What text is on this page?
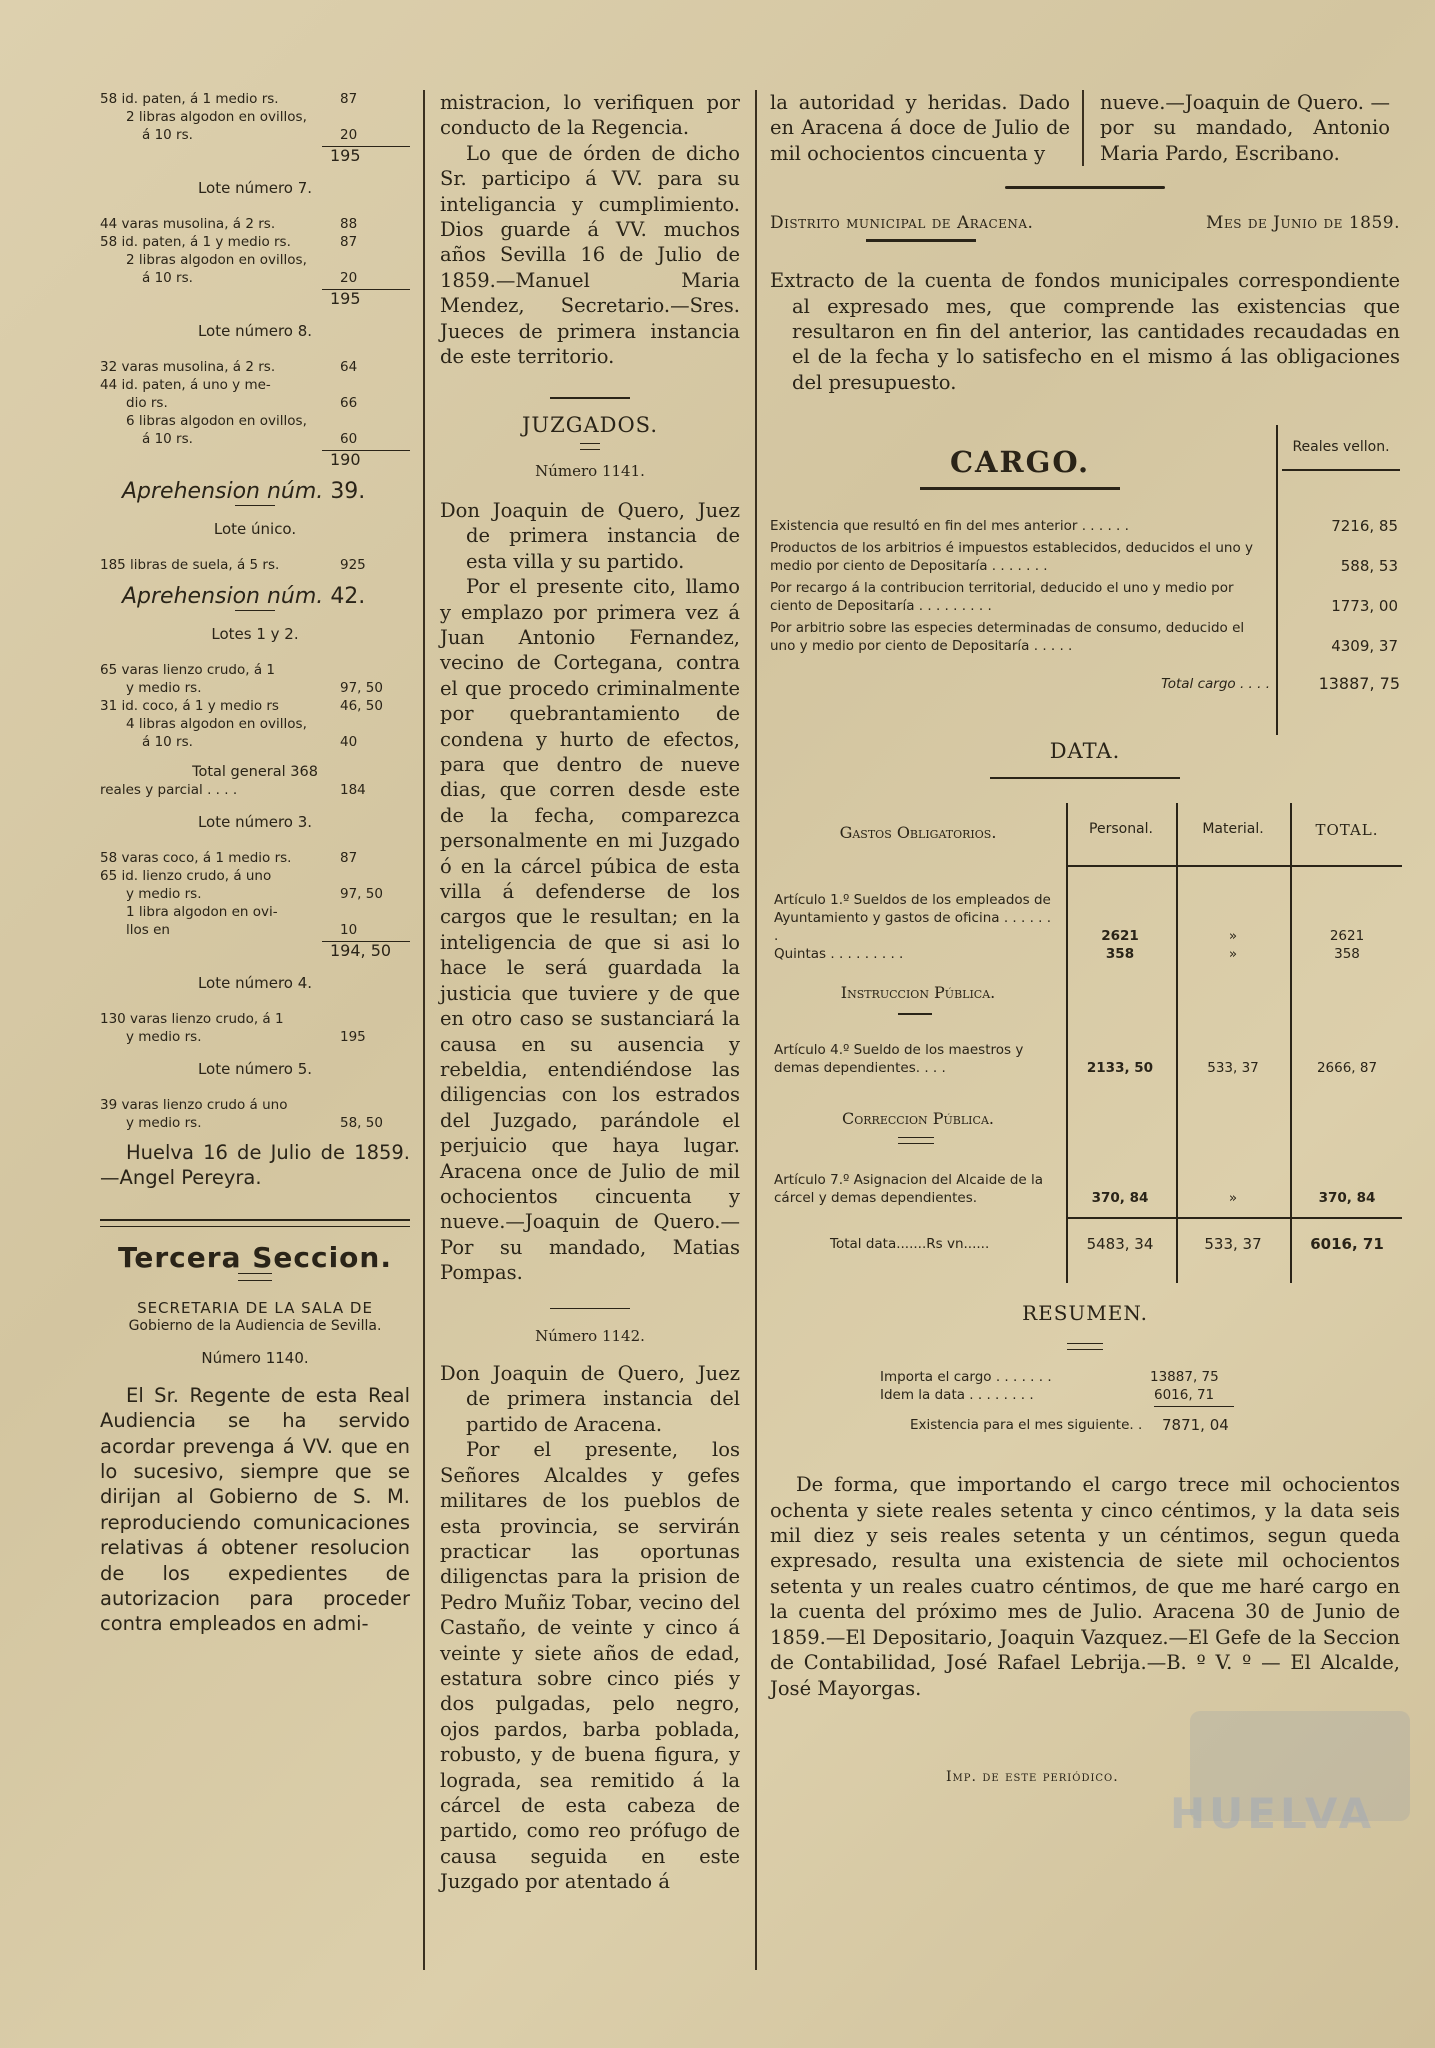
58 id. paten, á 1 medio rs.	87
2 libras algodon en ovillos,
á 10 rs.	20
195
Lote número 7.
44 varas musolina, á 2 rs.	88
58 id. paten, á 1 y medio rs.	87
2 libras algodon en ovillos,
á 10 rs.	20
195
Lote número 8.
32 varas musolina, á 2 rs.	64
44 id. paten, á uno y me-
dio rs.	66
6 libras algodon en ovillos,
á 10 rs.	60
190
Aprehension núm. 39.
Lote único.
185 libras de suela, á 5 rs.	925
Aprehension núm. 42.
Lotes 1 y 2.
65 varas lienzo crudo, á 1
y medio rs.	97, 50
31 id. coco, á 1 y medio rs	46, 50
4 libras algodon en ovillos,
á 10 rs.	40
Total general 368
reales y parcial . . . .	184
Lote número 3.
58 varas coco, á 1 medio rs.	87
65 id. lienzo crudo, á uno
y medio rs.	97, 50
1 libra algodon en ovi-
llos en	10
194, 50
Lote número 4.
130 varas lienzo crudo, á 1
y medio rs.	195
Lote número 5.
39 varas lienzo crudo á uno
y medio rs.	58, 50

Huelva 16 de Julio de 1859.—Angel Pereyra.

Tercera Seccion.
SECRETARIA DE LA SALA DE
Gobierno de la Audiencia de Sevilla.
Número 1140.

El Sr. Regente de esta Real Audiencia se ha servido acordar prevenga á VV. que en lo sucesivo, siempre que se dirijan al Gobierno de S. M. reproduciendo comunicaciones relativas á obtener resolucion de los expedientes de autorizacion para proceder contra empleados en admi-

mistracion, lo verifiquen por conducto de la Regencia.

Lo que de órden de dicho Sr. participo á VV. para su inteligancia y cumplimiento. Dios guarde á VV. muchos años Sevilla 16 de Julio de 1859.—Manuel Maria Mendez, Secretario.—Sres. Jueces de primera instancia de este territorio.

JUZGADOS.
Número 1141.

Don Joaquin de Quero, Juez de primera instancia de esta villa y su partido.

Por el presente cito, llamo y emplazo por primera vez á Juan Antonio Fernandez, vecino de Cortegana, contra el que procedo criminalmente por quebrantamiento de condena y hurto de efectos, para que dentro de nueve dias, que corren desde este de la fecha, comparezca personalmente en mi Juzgado ó en la cárcel púbica de esta villa á defenderse de los cargos que le resultan; en la inteligencia de que si asi lo hace le será guardada la justicia que tuviere y de que en otro caso se sustanciará la causa en su ausencia y rebeldia, entendiéndose las diligencias con los estrados del Juzgado, parándole el perjuicio que haya lugar. Aracena once de Julio de mil ochocientos cincuenta y nueve.—Joaquin de Quero.—Por su mandado, Matias Pompas.

Número 1142.

Don Joaquin de Quero, Juez de primera instancia del partido de Aracena.

Por el presente, los Señores Alcaldes y gefes militares de los pueblos de esta provincia, se servirán practicar las oportunas diligenctas para la prision de Pedro Muñiz Tobar, vecino del Castaño, de veinte y cinco á veinte y siete años de edad, estatura sobre cinco piés y dos pulgadas, pelo negro, ojos pardos, barba poblada, robusto, y de buena figura, y lograda, sea remitido á la cárcel de esta cabeza de partido, como reo prófugo de causa seguida en este Juzgado por atentado á

la autoridad y heridas. Dado en Aracena á doce de Julio de mil ochocientos cincuenta y

nueve.—Joaquin de Quero. —por su mandado, Antonio Maria Pardo, Escribano.

Distrito municipal de Aracena.	Mes de Junio de 1859.

Extracto de la cuenta de fondos municipales correspondiente al expresado mes, que comprende las existencias que resultaron en fin del anterior, las cantidades recaudadas en el de la fecha y lo satisfecho en el mismo á las obligaciones del presupuesto.

Reales vellon.
CARGO.
Existencia que resultó en fin del mes anterior . . . . . .	7216, 85
Productos de los arbitrios é impuestos establecidos, deducidos el uno y medio por ciento de Depositaría . . . . . . .	588, 53
Por recargo á la contribucion territorial, deducido el uno y medio por ciento de Depositaría . . . . . . . . .	1773, 00
Por arbitrio sobre las especies determinadas de consumo, deducido el uno y medio por ciento de Depositaría . . . . .	4309, 37
Total cargo . . . .	13887, 75
DATA.
Gastos Obligatorios.	Personal.	Material.	TOTAL.
Artículo 1.º Sueldos de los empleados de Ayuntamiento y gastos de oficina . . . . . . .	2621	»	2621
Quintas . . . . . . . . .	358	»	358
Instruccion Pública.
Artículo 4.º Sueldo de los maestros y demas dependientes. . . .	2133, 50	533, 37	2666, 87
Correccion Pública.
Artículo 7.º Asignacion del Alcaide de la cárcel y demas dependientes.	370, 84	»	370, 84
Total data.......Rs vn......	5483, 34	533, 37	6016, 71
RESUMEN.
Importa el cargo . . . . . . .	13887, 75
Idem la data . . . . . . . .	6016, 71
Existencia para el mes siguiente. .	7871, 04

De forma, que importando el cargo trece mil ochocientos ochenta y siete reales setenta y cinco céntimos, y la data seis mil diez y seis reales setenta y un céntimos, segun queda expresado, resulta una existencia de siete mil ochocientos setenta y un reales cuatro céntimos, de que me haré cargo en la cuenta del próximo mes de Julio. Aracena 30 de Junio de 1859.—El Depositario, Joaquin Vazquez.—El Gefe de la Seccion de Contabilidad, José Rafael Lebrija.—B. º V. º — El Alcalde, José Mayorgas.

Imp. de este periódico.
HUELVA
